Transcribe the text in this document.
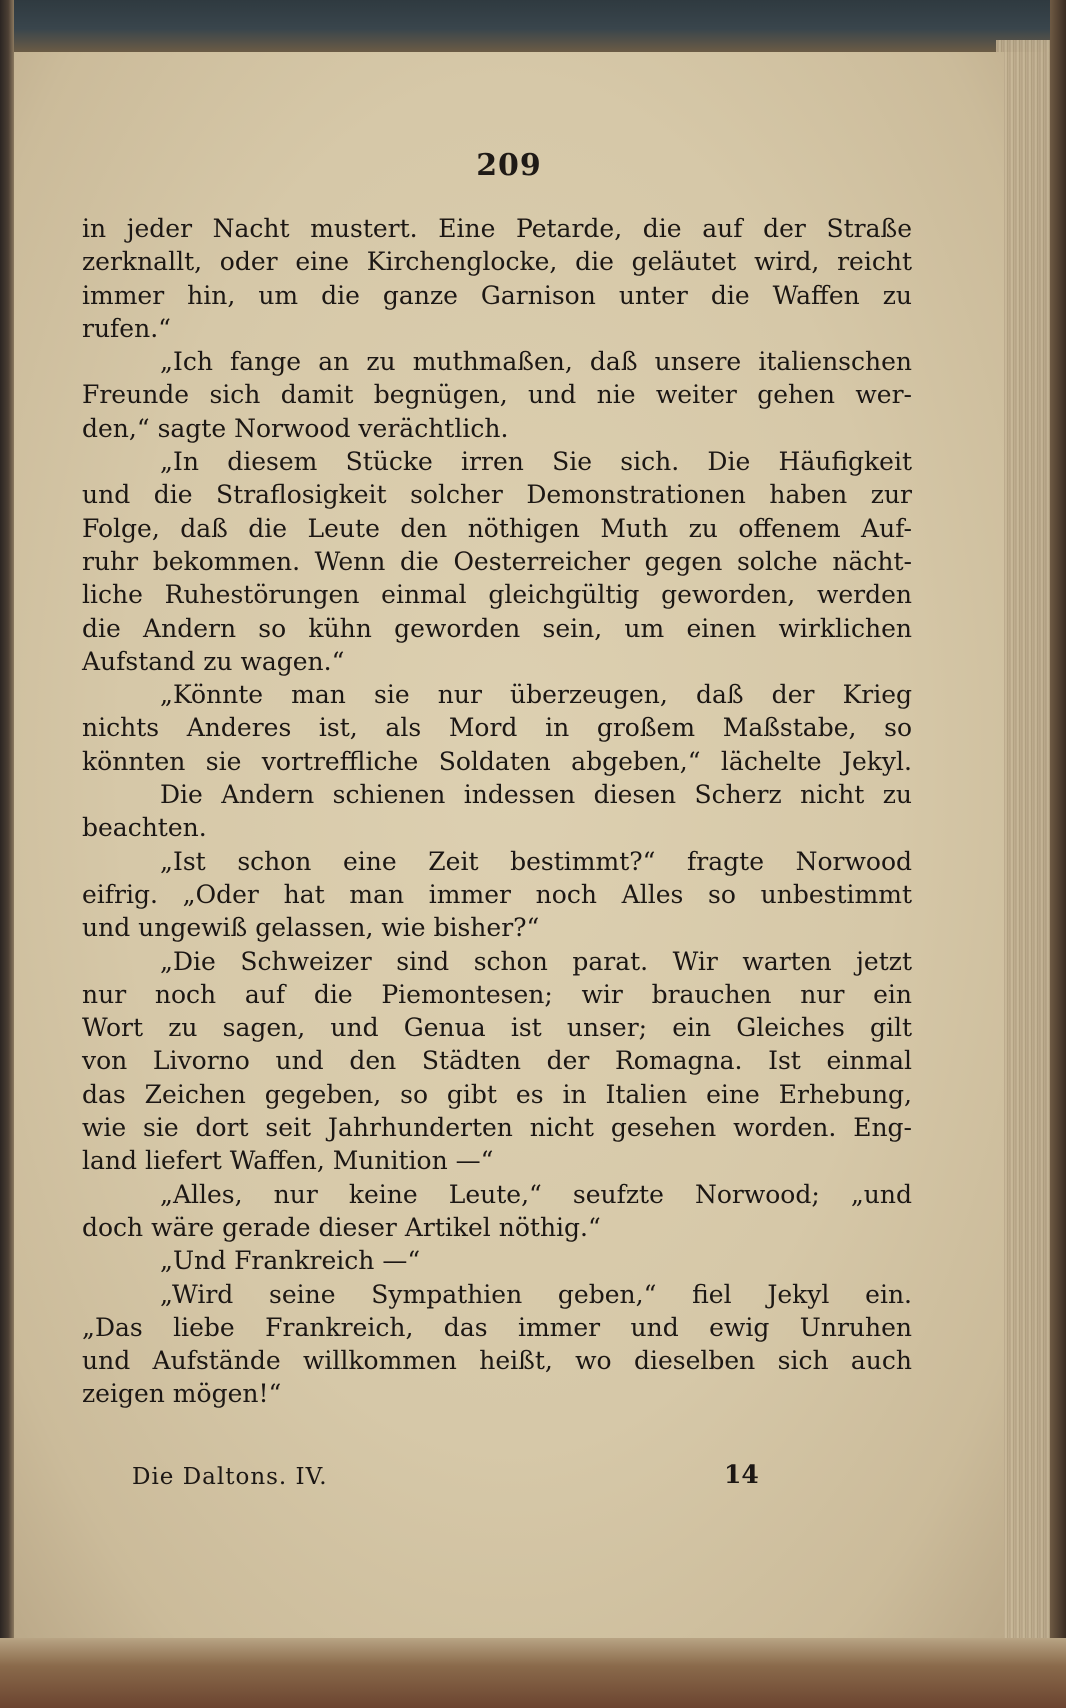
209
in jeder Nacht mustert. Eine Petarde, die auf der Straße
zerknallt, oder eine Kirchenglocke, die geläutet wird, reicht
immer hin, um die ganze Garnison unter die Waffen zu
rufen.“
„Ich fange an zu muthmaßen, daß unsere italienschen
Freunde sich damit begnügen, und nie weiter gehen wer-
den,“ sagte Norwood verächtlich.
„In diesem Stücke irren Sie sich. Die Häufigkeit
und die Straflosigkeit solcher Demonstrationen haben zur
Folge, daß die Leute den nöthigen Muth zu offenem Auf-
ruhr bekommen. Wenn die Oesterreicher gegen solche nächt-
liche Ruhestörungen einmal gleichgültig geworden, werden
die Andern so kühn geworden sein, um einen wirklichen
Aufstand zu wagen.“
„Könnte man sie nur überzeugen, daß der Krieg
nichts Anderes ist, als Mord in großem Maßstabe, so
könnten sie vortreffliche Soldaten abgeben,“ lächelte Jekyl.
Die Andern schienen indessen diesen Scherz nicht zu
beachten.
„Ist schon eine Zeit bestimmt?“ fragte Norwood
eifrig. „Oder hat man immer noch Alles so unbestimmt
und ungewiß gelassen, wie bisher?“
„Die Schweizer sind schon parat. Wir warten jetzt
nur noch auf die Piemontesen; wir brauchen nur ein
Wort zu sagen, und Genua ist unser; ein Gleiches gilt
von Livorno und den Städten der Romagna. Ist einmal
das Zeichen gegeben, so gibt es in Italien eine Erhebung,
wie sie dort seit Jahrhunderten nicht gesehen worden. Eng-
land liefert Waffen, Munition —“
„Alles, nur keine Leute,“ seufzte Norwood; „und
doch wäre gerade dieser Artikel nöthig.“
„Und Frankreich —“
„Wird seine Sympathien geben,“ fiel Jekyl ein.
„Das liebe Frankreich, das immer und ewig Unruhen
und Aufstände willkommen heißt, wo dieselben sich auch
zeigen mögen!“
Die Daltons. IV.	14
